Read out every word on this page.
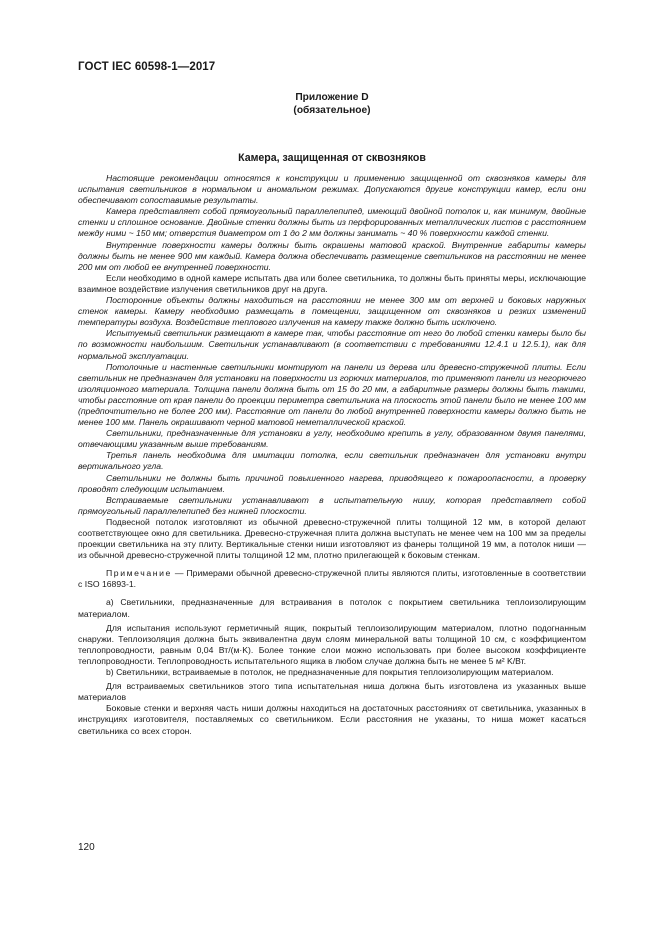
ГОСТ IEC 60598-1—2017
Приложение D
(обязательное)
Камера, защищенная от сквозняков

Настоящие рекомендации относятся к конструкции и применению защищенной от сквозняков камеры для испытания светильников в нормальном и аномальном режимах. Допускаются другие конструкции камер, если они обеспечивают сопоставимые результаты.

Камера представляет собой прямоугольный параллелепипед, имеющий двойной потолок и, как минимум, двойные стенки и сплошное основание. Двойные стенки должны быть из перфорированных металлических листов с расстоянием между ними ~ 150 мм; отверстия диаметром от 1 до 2 мм должны занимать ~ 40 % поверхности каждой стенки.

Внутренние поверхности камеры должны быть окрашены матовой краской. Внутренние габариты камеры должны быть не менее 900 мм каждый. Камера должна обеспечивать размещение светильников на расстоянии не менее 200 мм от любой ее внутренней поверхности.

Если необходимо в одной камере испытать два или более светильника, то должны быть приняты меры, исключающие взаимное воздействие излучения светильников друг на друга.

Посторонние объекты должны находиться на расстоянии не менее 300 мм от верхней и боковых наружных стенок камеры. Камеру необходимо размещать в помещении, защищенном от сквозняков и резких изменений температуры воздуха. Воздействие теплового излучения на камеру также должно быть исключено.

Испытуемый светильник размещают в камере так, чтобы расстояние от него до любой стенки камеры было бы по возможности наибольшим. Светильник устанавливают (в соответствии с требованиями 12.4.1 и 12.5.1), как для нормальной эксплуатации.

Потолочные и настенные светильники монтируют на панели из дерева или древесно-стружечной плиты. Если светильник не предназначен для установки на поверхности из горючих материалов, то применяют панели из негорючего изоляционного материала. Толщина панели должна быть от 15 до 20 мм, а габаритные размеры должны быть такими, чтобы расстояние от края панели до проекции периметра светильника на плоскость этой панели было не менее 100 мм (предпочтительно не более 200 мм). Расстояние от панели до любой внутренней поверхности камеры должно быть не менее 100 мм. Панель окрашивают черной матовой неметаллической краской.

Светильники, предназначенные для установки в углу, необходимо крепить в углу, образованном двумя панелями, отвечающими указанным выше требованиям.

Третья панель необходима для имитации потолка, если светильник предназначен для установки внутри вертикального угла.

Светильники не должны быть причиной повышенного нагрева, приводящего к пожароопасности, а проверку проводят следующим испытанием.

Встраиваемые светильники устанавливают в испытательную нишу, которая представляет собой прямоугольный параллелепипед без нижней плоскости.

Подвесной потолок изготовляют из обычной древесно-стружечной плиты толщиной 12 мм, в которой делают соответствующее окно для светильника. Древесно-стружечная плита должна выступать не менее чем на 100 мм за пределы проекции светильника на эту плиту. Вертикальные стенки ниши изготовляют из фанеры толщиной 19 мм, а потолок ниши — из обычной древесно-стружечной плиты толщиной 12 мм, плотно прилегающей к боковым стенкам.

Примечание — Примерами обычной древесно-стружечной плиты являются плиты, изготовленные в соответствии с ISO 16893-1.

a) Светильники, предназначенные для встраивания в потолок с покрытием светильника теплоизолирующим материалом.

Для испытания используют герметичный ящик, покрытый теплоизолирующим материалом, плотно подогнанным снаружи. Теплоизоляция должна быть эквивалентна двум слоям минеральной ваты толщиной 10 см, с коэффициентом теплопроводности, равным 0,04 Вт/(м·K). Более тонкие слои можно использовать при более высоком коэффициенте теплопроводности. Теплопроводность испытательного ящика в любом случае должна быть не менее 5 м² K/Вт.

b) Светильники, встраиваемые в потолок, не предназначенные для покрытия теплоизолирующим материалом.

Для встраиваемых светильников этого типа испытательная ниша должна быть изготовлена из указанных выше материалов

Боковые стенки и верхняя часть ниши должны находиться на достаточных расстояниях от светильника, указанных в инструкциях изготовителя, поставляемых со светильником. Если расстояния не указаны, то ниша может касаться светильника со всех сторон.

120
